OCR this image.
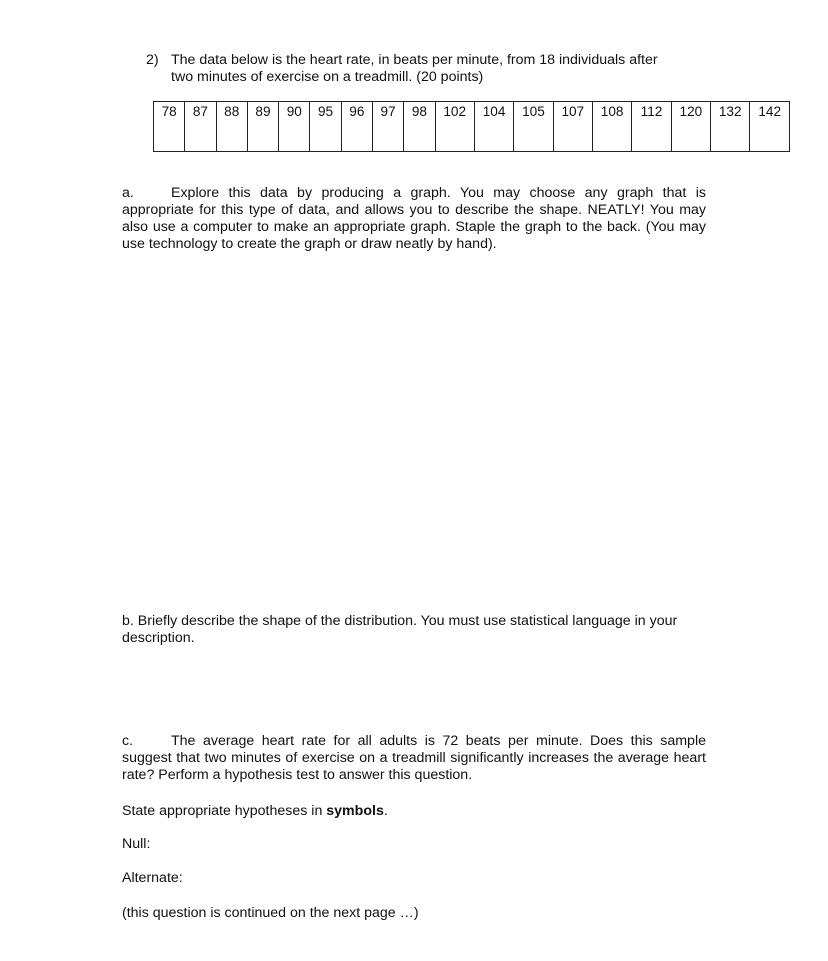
2) The data below is the heart rate, in beats per minute, from 18 individuals after

two minutes of exercise on a treadmill. (20 points)

78	87	88	89	90	95	96	97	98	102	104	105	107	108	112	120	132	142

a.	Explore this data by producing a graph. You may choose any graph that is appropriate for this type of data, and allows you to describe the shape. NEATLY! You may also use a computer to make an appropriate graph. Staple the graph to the back. (You may use technology to create the graph or draw neatly by hand).

b. Briefly describe the shape of the distribution. You must use statistical language in your description.

c.	The average heart rate for all adults is 72 beats per minute. Does this sample suggest that two minutes of exercise on a treadmill significantly increases the average heart rate? Perform a hypothesis test to answer this question.

State appropriate hypotheses in symbols.

Null:

Alternate:

(this question is continued on the next page …)
